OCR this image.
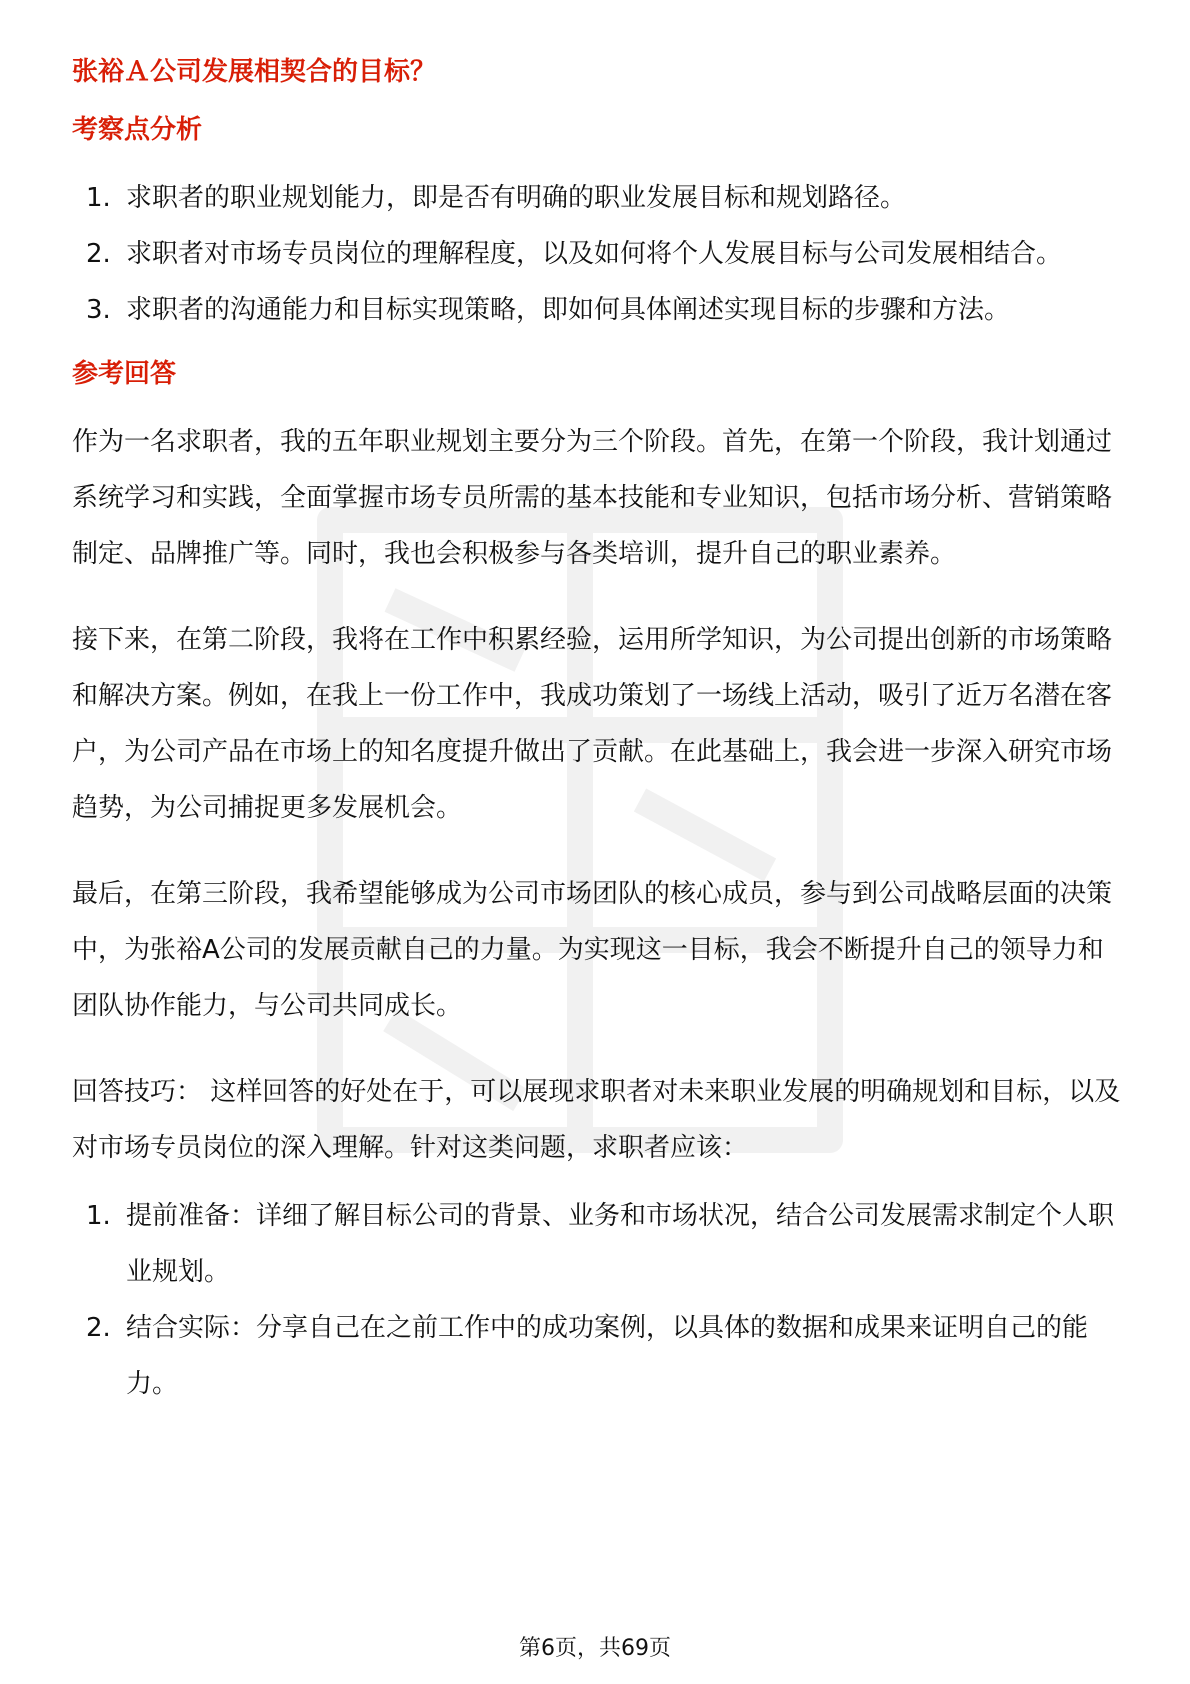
张裕Ａ公司发展相契合的目标？
考察点分析
1. 求职者的职业规划能力，即是否有明确的职业发展目标和规划路径。
2. 求职者对市场专员岗位的理解程度，以及如何将个人发展目标与公司发展相结合。
3. 求职者的沟通能力和目标实现策略，即如何具体阐述实现目标的步骤和方法。
参考回答

作为一名求职者，我的五年职业规划主要分为三个阶段。首先，在第一个阶段，我计划通过系统学习和实践，全面掌握市场专员所需的基本技能和专业知识，包括市场分析、营销策略制定、品牌推广等。同时，我也会积极参与各类培训，提升自己的职业素养。

接下来，在第二阶段，我将在工作中积累经验，运用所学知识，为公司提出创新的市场策略和解决方案。例如，在我上一份工作中，我成功策划了一场线上活动，吸引了近万名潜在客户，为公司产品在市场上的知名度提升做出了贡献。在此基础上，我会进一步深入研究市场趋势，为公司捕捉更多发展机会。

最后，在第三阶段，我希望能够成为公司市场团队的核心成员，参与到公司战略层面的决策中，为张裕A公司的发展贡献自己的力量。为实现这一目标，我会不断提升自己的领导力和团队协作能力，与公司共同成长。

回答技巧： 这样回答的好处在于，可以展现求职者对未来职业发展的明确规划和目标，以及对市场专员岗位的深入理解。针对这类问题，求职者应该：

1. 提前准备：详细了解目标公司的背景、业务和市场状况，结合公司发展需求制定个人职业规划。
2. 结合实际：分享自己在之前工作中的成功案例，以具体的数据和成果来证明自己的能力。
第6页，共69页
